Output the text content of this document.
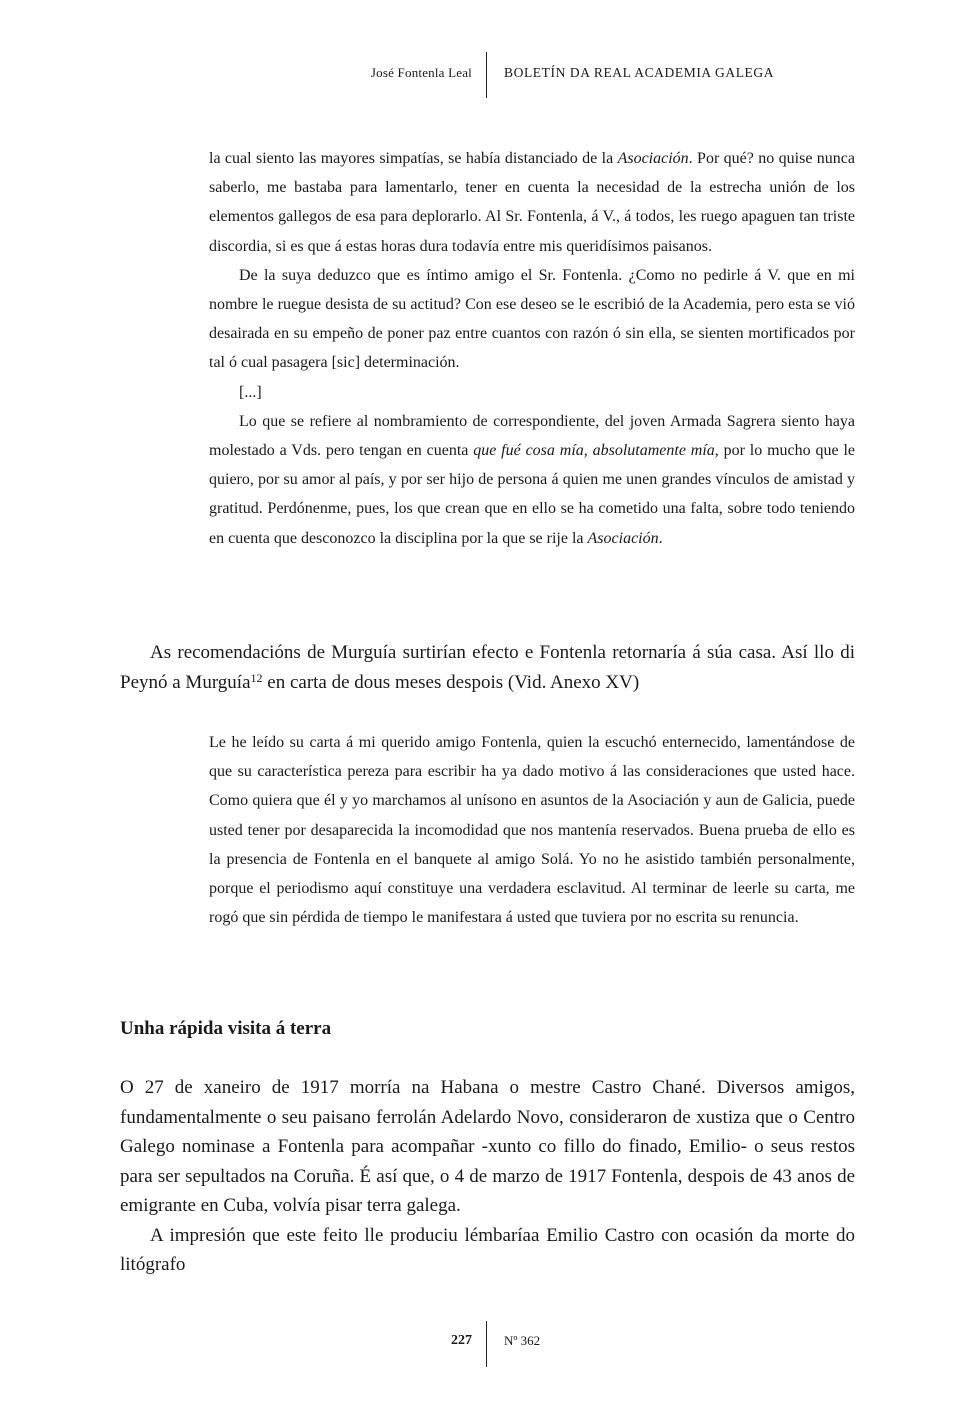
José Fontenla Leal BOLETÍN DA REAL ACADEMIA GALEGA

la cual siento las mayores simpatías, se había distanciado de la Asociación. Por qué? no quise nunca saberlo, me bastaba para lamentarlo, tener en cuenta la necesidad de la estrecha unión de los elementos gallegos de esa para deplorarlo. Al Sr. Fontenla, á V., á todos, les ruego apaguen tan triste discordia, si es que á estas horas dura todavía entre mis queridísimos paisanos.

De la suya deduzco que es íntimo amigo el Sr. Fontenla. ¿Como no pedirle á V. que en mi nombre le ruegue desista de su actitud? Con ese deseo se le escribió de la Academia, pero esta se vió desairada en su empeño de poner paz entre cuantos con razón ó sin ella, se sienten mortificados por tal ó cual pasagera [sic] determinación.

[...]

Lo que se refiere al nombramiento de correspondiente, del joven Armada Sagrera siento haya molestado a Vds. pero tengan en cuenta que fué cosa mía, absolutamente mía, por lo mucho que le quiero, por su amor al país, y por ser hijo de persona á quien me unen grandes vínculos de amistad y gratitud. Perdónenme, pues, los que crean que en ello se ha cometido una falta, sobre todo teniendo en cuenta que desconozco la disciplina por la que se rije la Asociación.

As recomendacións de Murguía surtirían efecto e Fontenla retornaría á súa casa. Así llo di Peynó a Murguía$^{12}$ en carta de dous meses despois (Vid. Anexo XV)

Le he leído su carta á mi querido amigo Fontenla, quien la escuchó enternecido, lamentándose de que su característica pereza para escribir ha ya dado motivo á las consideraciones que usted hace. Como quiera que él y yo marchamos al unísono en asuntos de la Asociación y aun de Galicia, puede usted tener por desaparecida la incomodidad que nos mantenía reservados. Buena prueba de ello es la presencia de Fontenla en el banquete al amigo Solá. Yo no he asistido también personalmente, porque el periodismo aquí constituye una verdadera esclavitud. Al terminar de leerle su carta, me rogó que sin pérdida de tiempo le manifestara á usted que tuviera por no escrita su renuncia.

Unha rápida visita á terra

O 27 de xaneiro de 1917 morría na Habana o mestre Castro Chané. Diversos amigos, fundamentalmente o seu paisano ferrolán Adelardo Novo, consideraron de xustiza que o Centro Galego nominase a Fontenla para acompañar -xunto co fillo do finado, Emilio- o seus restos para ser sepultados na Coruña. É así que, o 4 de marzo de 1917 Fontenla, despois de 43 anos de emigrante en Cuba, volvía pisar terra galega.

A impresión que este feito lle produciu lémbaríaa Emilio Castro con ocasión da morte do litógrafo

227 Nº 362
